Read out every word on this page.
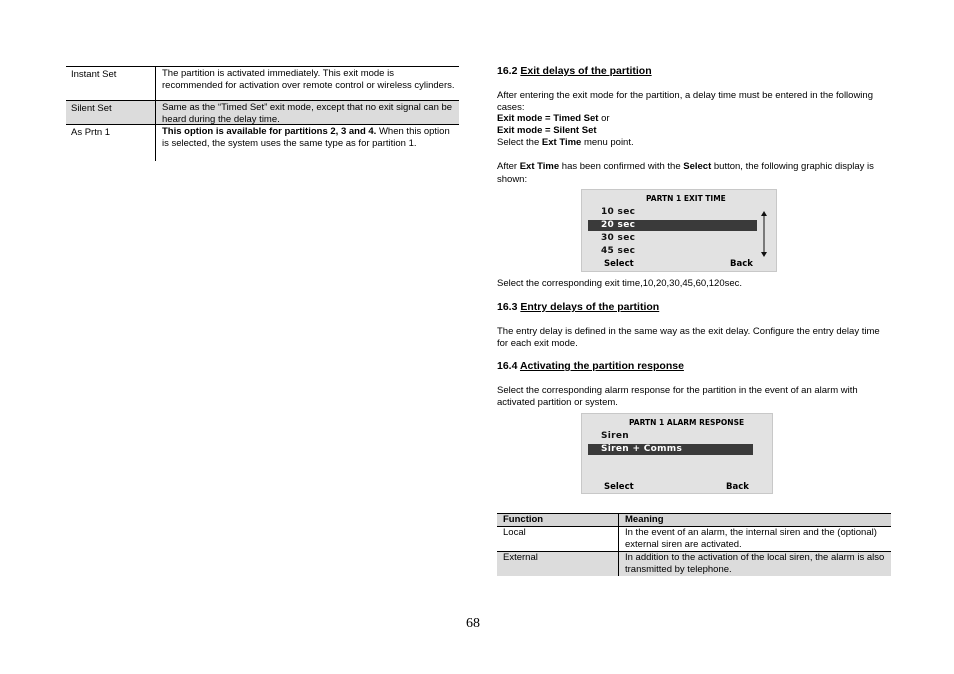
Instant Set	The partition is activated immediately. This exit mode is recommended for activation over remote control or wireless cylinders.
Silent Set	Same as the “Timed Set” exit mode, except that no exit signal can be heard during the delay time.
As Prtn 1	This option is available for partitions 2, 3 and 4. When this option is selected, the system uses the same type as for partition 1.
16.2 Exit delays of the partition
After entering the exit mode for the partition, a delay time must be entered in the following cases:
Exit mode = Timed Set or
Exit mode = Silent Set
Select the Ext Time menu point.
After Ext Time has been confirmed with the Select button, the following graphic display is shown:
PARTN 1 EXIT TIME
10 sec
20 sec
30 sec
45 sec
Select	Back
Select the corresponding exit time,10,20,30,45,60,120sec.
16.3 Entry delays of the partition
The entry delay is defined in the same way as the exit delay. Configure the entry delay time for each exit mode.
16.4 Activating the partition response
Select the corresponding alarm response for the partition in the event of an alarm with activated partition or system.
PARTN 1 ALARM RESPONSE
Siren
Siren + Comms
Select	Back
Function	Meaning
Local	In the event of an alarm, the internal siren and the (optional) external siren are activated.
External	In addition to the activation of the local siren, the alarm is also transmitted by telephone.
68
